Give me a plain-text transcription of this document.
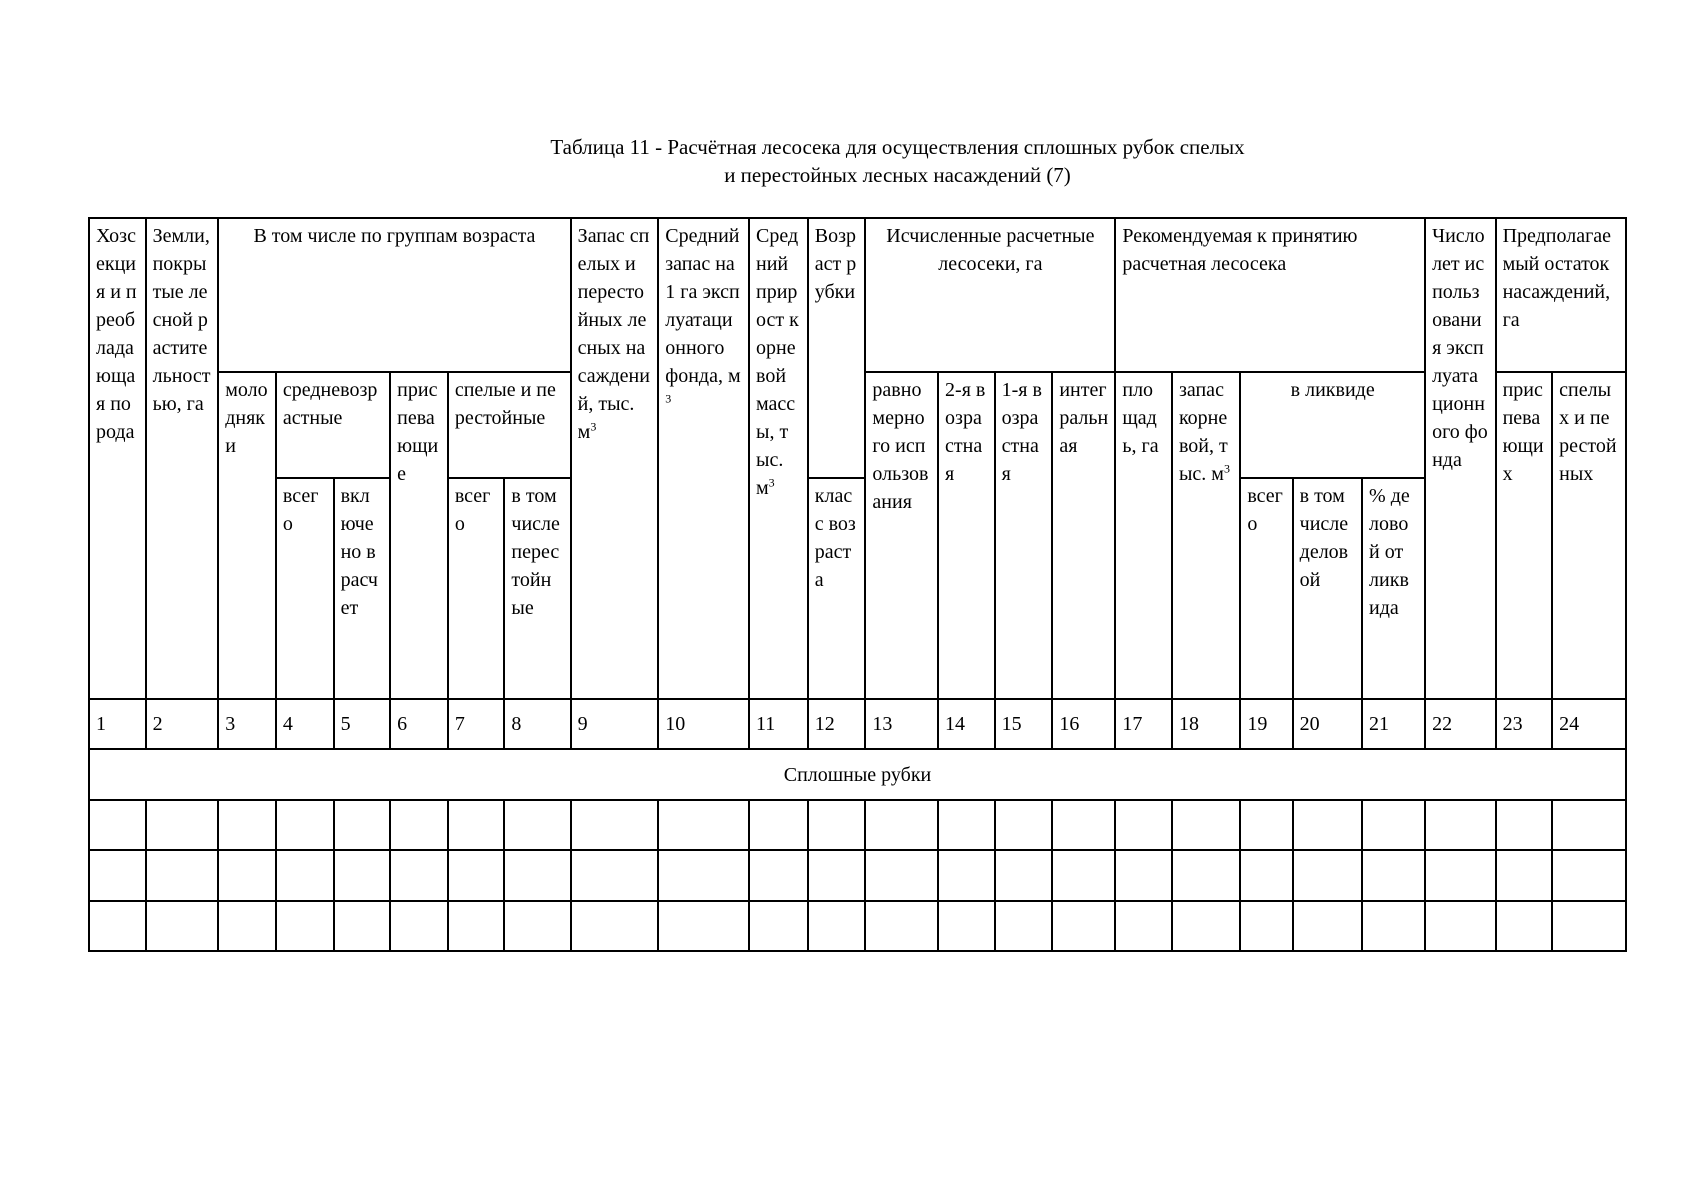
Таблица 11 - Расчётная лесосека для осуществления сплошных рубок спелых
и перестойных лесных насаждений (7)
Хозсекция и преобладающая порода	Земли, покрытые лесной растительностью, га	В том числе по группам возраста						Запас спелых и перестойных лесных насаждений, тыс. $м^3$	Средний запас на 1 га эксплуатационного фонда, $м^3$	Средний прирост корневой массы, тыс. $м^3$	Возраст рубки	Исчисленные расчетные лесосеки, га				Рекомендуемая к принятию расчетная лесосека					Число лет использования эксплуатационного фонда	Предполагаемый остаток насаждений, га	
		молодняки	средневозрастные		приспевающие	спелые и перестойные						равномерного использования	2-я возрастная	1-я возрастная	интегральная	площадь, га	запас корневой, тыс. $м^3$	в ликвиде				приспевающих	спелых и перестойных
			всего	включено в расчет		всего	в том числе перестойные				класс возраста							всего	в том числе деловой	% деловой от ликвида			
1	2	3	4	5	6	7	8	9	10	11	12	13	14	15	16	17	18	19	20	21	22	23	24
Сплошные рубки																							
